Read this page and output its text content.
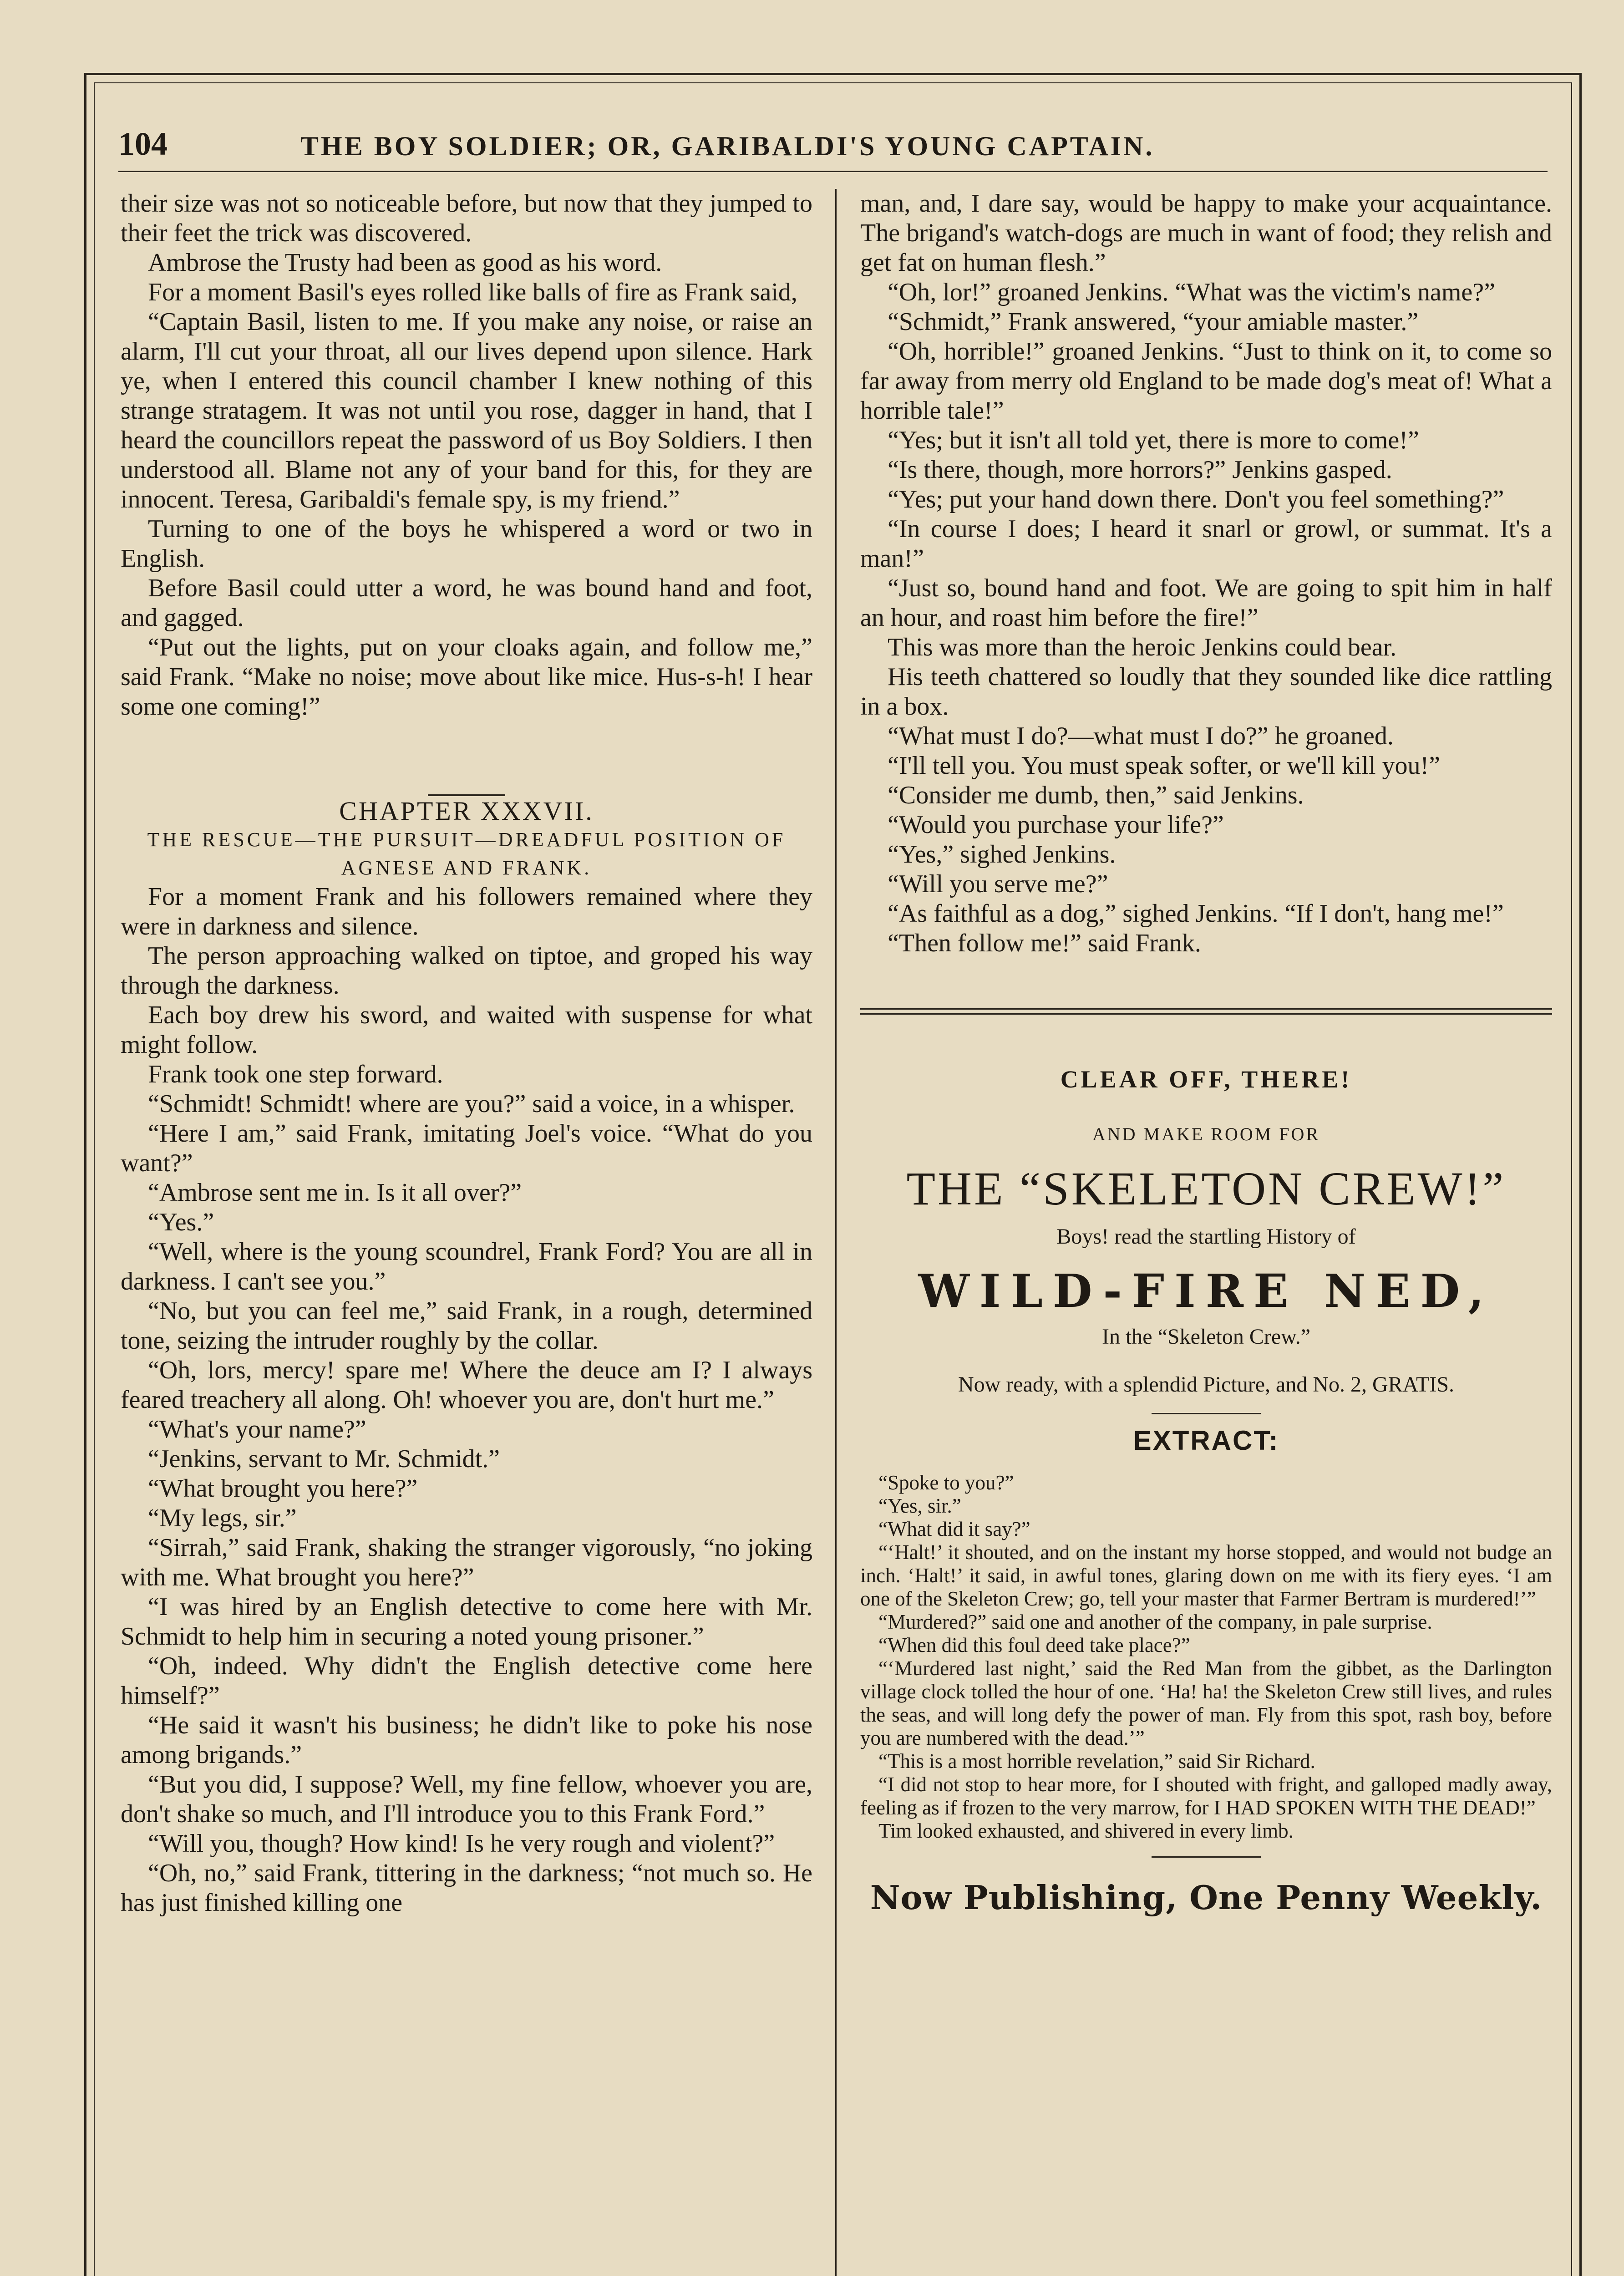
104	THE BOY SOLDIER; OR, GARIBALDI'S YOUNG CAPTAIN.

their size was not so noticeable before, but now that they jumped to their feet the trick was discovered.

Ambrose the Trusty had been as good as his word.

For a moment Basil's eyes rolled like balls of fire as Frank said,

“Captain Basil, listen to me. If you make any noise, or raise an alarm, I'll cut your throat, all our lives depend upon silence. Hark ye, when I entered this council chamber I knew nothing of this strange stratagem. It was not until you rose, dagger in hand, that I heard the councillors repeat the password of us Boy Soldiers. I then understood all. Blame not any of your band for this, for they are innocent. Teresa, Garibaldi's female spy, is my friend.”

Turning to one of the boys he whispered a word or two in English.

Before Basil could utter a word, he was bound hand and foot, and gagged.

“Put out the lights, put on your cloaks again, and follow me,” said Frank. “Make no noise; move about like mice. Hus-s-h! I hear some one coming!”

CHAPTER XXXVII.

THE RESCUE—THE PURSUIT—DREADFUL POSITION OF AGNESE AND FRANK.

For a moment Frank and his followers remained where they were in darkness and silence.

The person approaching walked on tiptoe, and groped his way through the darkness.

Each boy drew his sword, and waited with suspense for what might follow.

Frank took one step forward.

“Schmidt! Schmidt! where are you?” said a voice, in a whisper.

“Here I am,” said Frank, imitating Joel's voice. “What do you want?”

“Ambrose sent me in. Is it all over?”

“Yes.”

“Well, where is the young scoundrel, Frank Ford? You are all in darkness. I can't see you.”

“No, but you can feel me,” said Frank, in a rough, determined tone, seizing the intruder roughly by the collar.

“Oh, lors, mercy! spare me! Where the deuce am I? I always feared treachery all along. Oh! whoever you are, don't hurt me.”

“What's your name?”

“Jenkins, servant to Mr. Schmidt.”

“What brought you here?”

“My legs, sir.”

“Sirrah,” said Frank, shaking the stranger vigorously, “no joking with me. What brought you here?”

“I was hired by an English detective to come here with Mr. Schmidt to help him in securing a noted young prisoner.”

“Oh, indeed. Why didn't the English detective come here himself?”

“He said it wasn't his business; he didn't like to poke his nose among brigands.”

“But you did, I suppose? Well, my fine fellow, whoever you are, don't shake so much, and I'll introduce you to this Frank Ford.”

“Will you, though? How kind! Is he very rough and violent?”

“Oh, no,” said Frank, tittering in the darkness; “not much so. He has just finished killing one

man, and, I dare say, would be happy to make your acquaintance. The brigand's watch-dogs are much in want of food; they relish and get fat on human flesh.”

“Oh, lor!” groaned Jenkins. “What was the victim's name?”

“Schmidt,” Frank answered, “your amiable master.”

“Oh, horrible!” groaned Jenkins. “Just to think on it, to come so far away from merry old England to be made dog's meat of! What a horrible tale!”

“Yes; but it isn't all told yet, there is more to come!”

“Is there, though, more horrors?” Jenkins gasped.

“Yes; put your hand down there. Don't you feel something?”

“In course I does; I heard it snarl or growl, or summat. It's a man!”

“Just so, bound hand and foot. We are going to spit him in half an hour, and roast him before the fire!”

This was more than the heroic Jenkins could bear.

His teeth chattered so loudly that they sounded like dice rattling in a box.

“What must I do?—what must I do?” he groaned.

“I'll tell you. You must speak softer, or we'll kill you!”

“Consider me dumb, then,” said Jenkins.

“Would you purchase your life?”

“Yes,” sighed Jenkins.

“Will you serve me?”

“As faithful as a dog,” sighed Jenkins. “If I don't, hang me!”

“Then follow me!” said Frank.

CLEAR OFF, THERE!
AND MAKE ROOM FOR
THE “SKELETON CREW!”
Boys! read the startling History of
WILD-FIRE NED,
In the “Skeleton Crew.”
Now ready, with a splendid Picture, and No. 2, GRATIS.
EXTRACT:

“Spoke to you?”

“Yes, sir.”

“What did it say?”

“‘Halt!’ it shouted, and on the instant my horse stopped, and would not budge an inch. ‘Halt!’ it said, in awful tones, glaring down on me with its fiery eyes. ‘I am one of the Skeleton Crew; go, tell your master that Farmer Bertram is murdered!’”

“Murdered?” said one and another of the company, in pale surprise.

“When did this foul deed take place?”

“‘Murdered last night,’ said the Red Man from the gibbet, as the Darlington village clock tolled the hour of one. ‘Ha! ha! the Skeleton Crew still lives, and rules the seas, and will long defy the power of man. Fly from this spot, rash boy, before you are numbered with the dead.’”

“This is a most horrible revelation,” said Sir Richard.

“I did not stop to hear more, for I shouted with fright, and galloped madly away, feeling as if frozen to the very marrow, for I HAD SPOKEN WITH THE DEAD!”

Tim looked exhausted, and shivered in every limb.

Now Publishing, One Penny Weekly.
